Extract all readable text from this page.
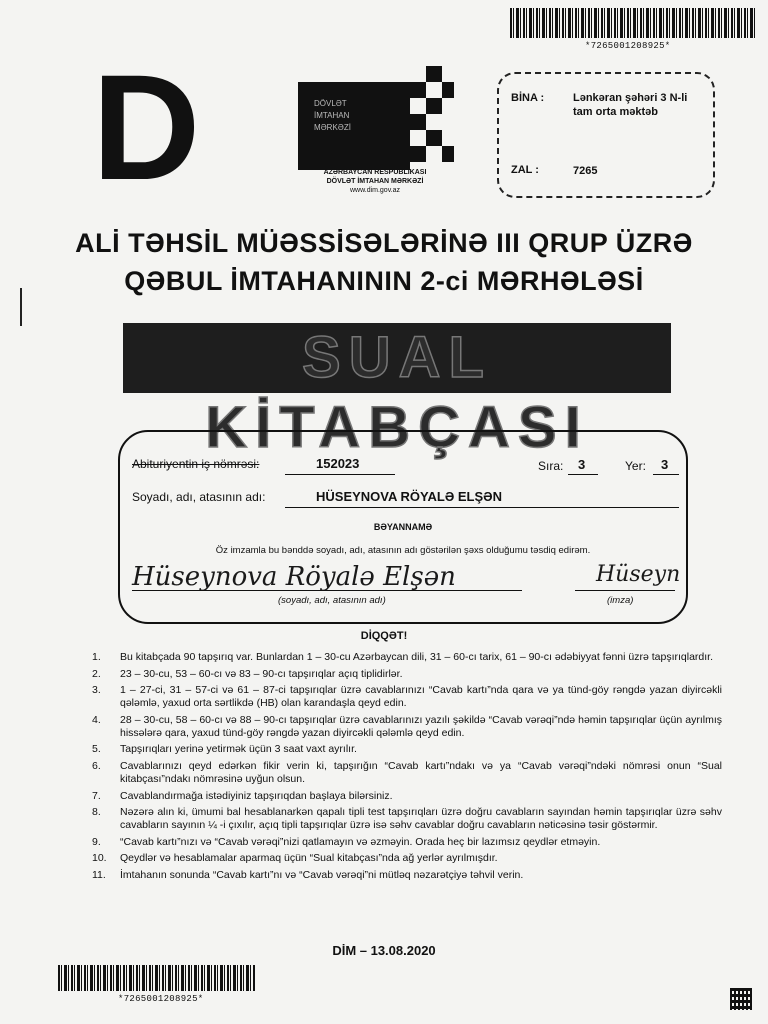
*7265001208925*
D	DÖVLƏT
İMTAHAN
MƏRKƏZİ
AZƏRBAYCAN RESPUBLİKASI
DÖVLƏT İMTAHAN MƏRKƏZİ
www.dim.gov.az
BİNA :	Lənkəran şəhəri 3 N-li tam orta məktəb
ZAL :	7265
ALİ TƏHSİL MÜƏSSİSƏLƏRİNƏ III QRUP ÜZRƏ
QƏBUL İMTAHANININ 2-ci MƏRHƏLƏSİ
SUAL KİTABÇASI
Abituriyentin iş nömrəsi:	152023	Sıra: 3	Yer: 3
Soyadı, adı, atasının adı:	HÜSEYNOVA RÖYALƏ ELŞƏN
BƏYANNAMƏ
Öz imzamla bu bənddə soyadı, adı, atasının adı göstərilən şəxs olduğumu təsdiq edirəm.
Hüseynova Röyalə Elşən
(soyadı, adı, atasının adı)
Hüseyn
(imza)
DİQQƏT!
1.	Bu kitabçada 90 tapşırıq var. Bunlardan 1 – 30-cu Azərbaycan dili, 31 – 60-cı tarix, 61 – 90-cı ədəbiyyat fənni üzrə tapşırıqlardır.
2.	23 – 30-cu, 53 – 60-cı və 83 – 90-cı tapşırıqlar açıq tiplidirlər.
3.	1 – 27-ci, 31 – 57-ci və 61 – 87-ci tapşırıqlar üzrə cavablarınızı “Cavab kartı”nda qara və ya tünd-göy rəngdə yazan diyircəkli qələmlə, yaxud orta sərtlikdə (HB) olan karandaşla qeyd edin.
4.	28 – 30-cu, 58 – 60-cı və 88 – 90-cı tapşırıqlar üzrə cavablarınızı yazılı şəkildə “Cavab vərəqi”ndə həmin tapşırıqlar üçün ayrılmış hissələrə qara, yaxud tünd-göy rəngdə yazan diyircəkli qələmlə qeyd edin.
5.	Tapşırıqları yerinə yetirmək üçün 3 saat vaxt ayrılır.
6.	Cavablarınızı qeyd edərkən fikir verin ki, tapşırığın “Cavab kartı”ndakı və ya “Cavab vərəqi”ndəki nömrəsi onun “Sual kitabçası”ndakı nömrəsinə uyğun olsun.
7.	Cavablandırmağa istədiyiniz tapşırıqdan başlaya bilərsiniz.
8.	Nəzərə alın ki, ümumi bal hesablanarkən qapalı tipli test tapşırıqları üzrə doğru cavabların sayından həmin tapşırıqlar üzrə səhv cavabların sayının ¼ -i çıxılır, açıq tipli tapşırıqlar üzrə isə səhv cavablar doğru cavabların nəticəsinə təsir göstərmir.
9.	“Cavab kartı”nızı və “Cavab vərəqi”nizi qatlamayın və əzməyin. Orada heç bir lazımsız qeydlər etməyin.
10.	Qeydlər və hesablamalar aparmaq üçün “Sual kitabçası”nda ağ yerlər ayrılmışdır.
11.	İmtahanın sonunda “Cavab kartı”nı və “Cavab vərəqi”ni mütləq nəzarətçiyə təhvil verin.
DİM – 13.08.2020
*7265001208925*
